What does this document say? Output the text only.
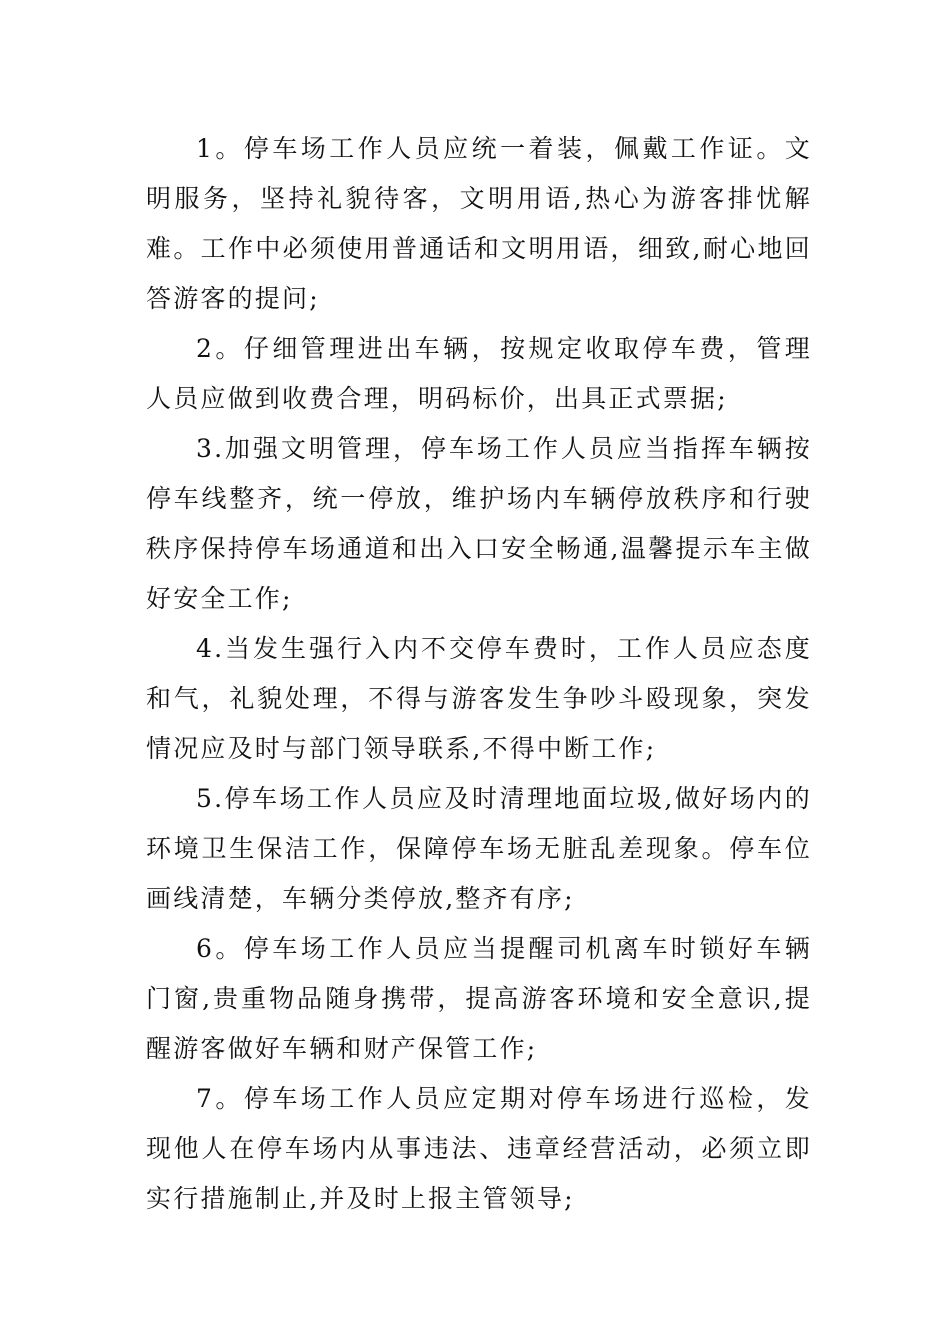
1。停车场工作人员应统一着装，佩戴工作证。文明服务，坚持礼貌待客，文明用语,热心为游客排忧解难。工作中必须使用普通话和文明用语，细致,耐心地回答游客的提问;

2。仔细管理进出车辆，按规定收取停车费，管理人员应做到收费合理，明码标价，出具正式票据;

3.加强文明管理，停车场工作人员应当指挥车辆按停车线整齐，统一停放，维护场内车辆停放秩序和行驶秩序保持停车场通道和出入口安全畅通,温馨提示车主做好安全工作;

4.当发生强行入内不交停车费时，工作人员应态度和气，礼貌处理，不得与游客发生争吵斗殴现象，突发情况应及时与部门领导联系,不得中断工作;

5.停车场工作人员应及时清理地面垃圾,做好场内的环境卫生保洁工作，保障停车场无脏乱差现象。停车位画线清楚，车辆分类停放,整齐有序;

6。停车场工作人员应当提醒司机离车时锁好车辆门窗,贵重物品随身携带，提高游客环境和安全意识,提醒游客做好车辆和财产保管工作;

7。停车场工作人员应定期对停车场进行巡检，发现他人在停车场内从事违法、违章经营活动，必须立即实行措施制止,并及时上报主管领导;
